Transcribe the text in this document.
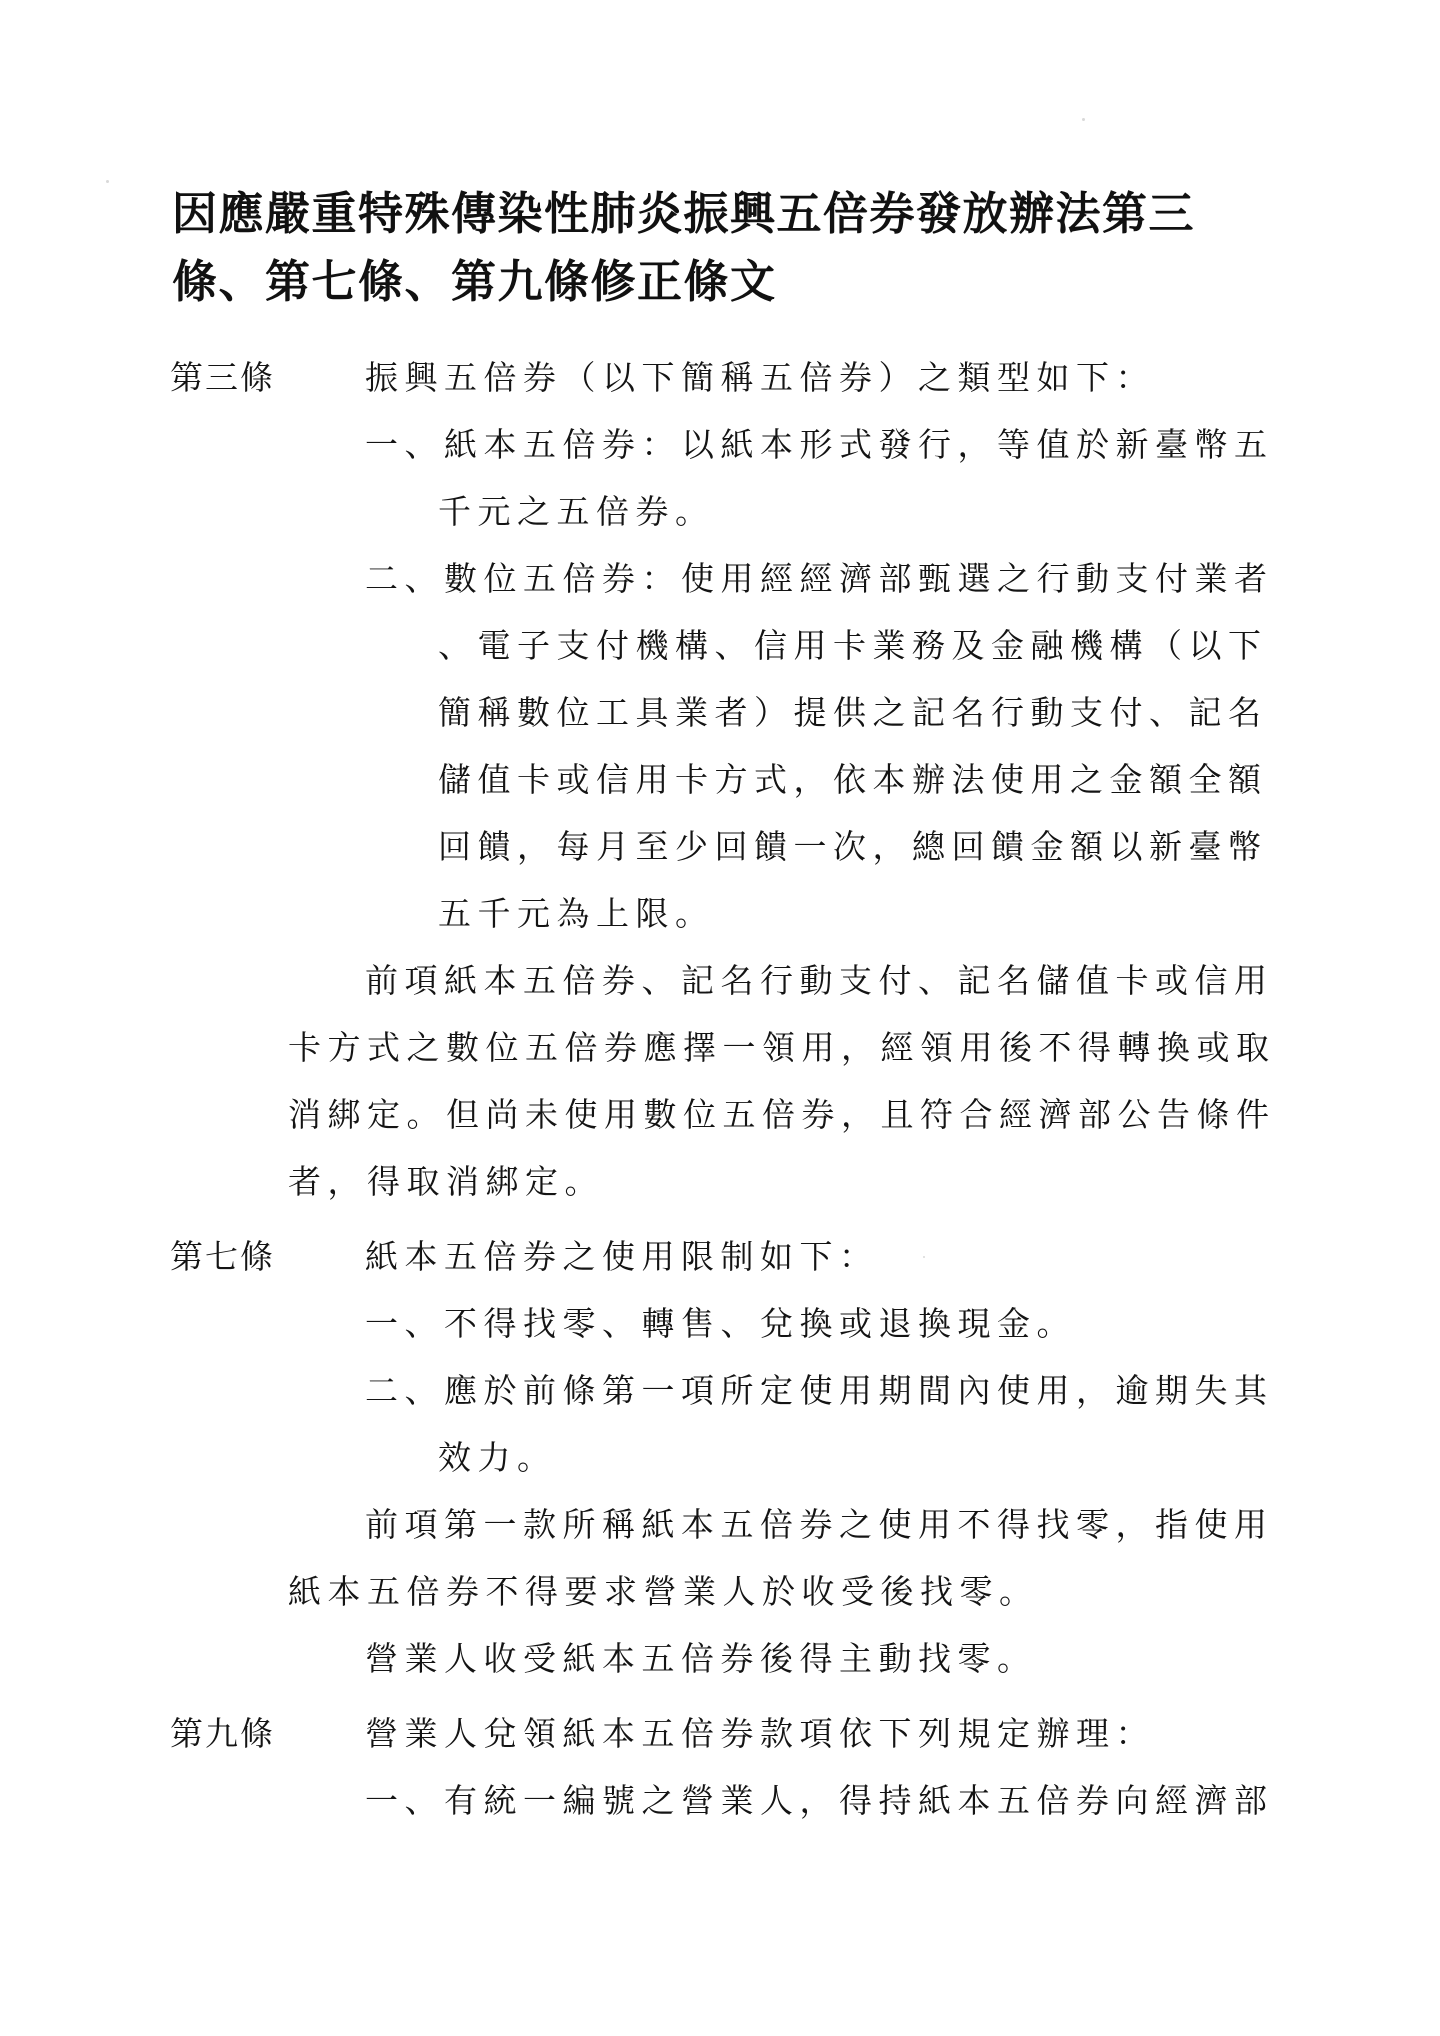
因應嚴重特殊傳染性肺炎振興五倍券發放辦法第三
條、第七條、第九條修正條文
第三條	振興五倍券（以下簡稱五倍券）之類型如下：
一、紙本五倍券：以紙本形式發行，等值於新臺幣五
千元之五倍券。
二、數位五倍券：使用經經濟部甄選之行動支付業者
、電子支付機構、信用卡業務及金融機構（以下
簡稱數位工具業者）提供之記名行動支付、記名
儲值卡或信用卡方式，依本辦法使用之金額全額
回饋，每月至少回饋一次，總回饋金額以新臺幣
五千元為上限。
前項紙本五倍券、記名行動支付、記名儲值卡或信用
卡方式之數位五倍券應擇一領用，經領用後不得轉換或取
消綁定。但尚未使用數位五倍券，且符合經濟部公告條件
者，得取消綁定。
第七條	紙本五倍券之使用限制如下：
一、不得找零、轉售、兌換或退換現金。
二、應於前條第一項所定使用期間內使用，逾期失其
效力。
前項第一款所稱紙本五倍券之使用不得找零，指使用
紙本五倍券不得要求營業人於收受後找零。
營業人收受紙本五倍券後得主動找零。
第九條	營業人兌領紙本五倍券款項依下列規定辦理：
一、有統一編號之營業人，得持紙本五倍券向經濟部
